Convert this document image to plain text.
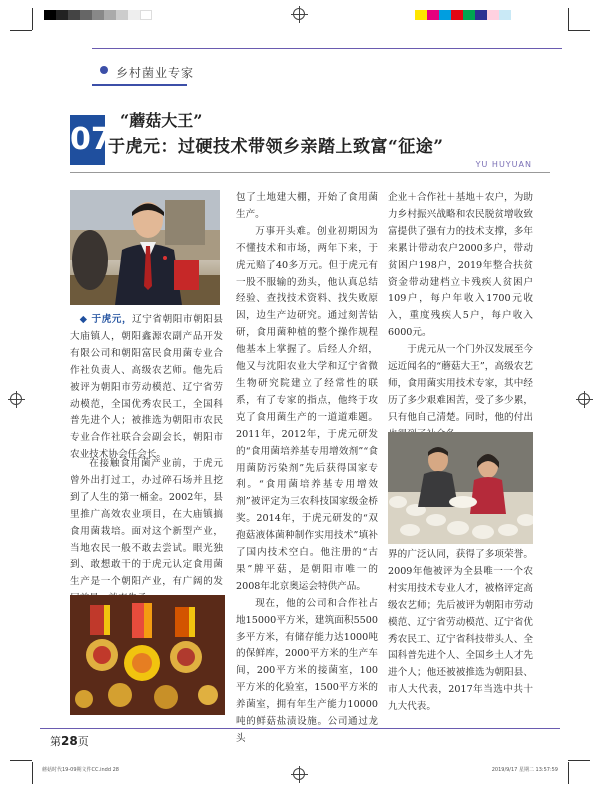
乡村菌业专家
07
“蘑菇大王”
于虎元：过硬技术带领乡亲踏上致富“征途”
YU HUYUAN

◆ 于虎元，辽宁省朝阳市朝阳县大庙镇人，朝阳鑫源农副产品开发有限公司和朝阳富民食用菌专业合作社负责人、高级农艺师。他先后被评为朝阳市劳动模范、辽宁省劳动模范，全国优秀农民工，全国科普先进个人；被推选为朝阳市农民专业合作社联合会副会长，朝阳市农业技术协会任会长。

在接触食用菌产业前，于虎元曾外出打过工，办过碎石场并且挖到了人生的第一桶金。2002年，县里推广高效农业项目，在大庙镇搞食用菌栽培。面对这个新型产业，当地农民一般不敢去尝试。眼光独到、敢想敢干的于虎元认定食用菌生产是一个朝阳产业，有广阔的发

包了土地建大棚，开始了食用菌生产。

万事开头难。创业初期因为不懂技术和市场，两年下来，于虎元赔了40多万元。但于虎元有一股不服输的劲头，他认真总结经验、查找技术资料、找失败原因，边生产边研究。通过刻苦钻研，食用菌种植的整个操作规程他基本上掌握了。后经人介绍，他又与沈阳农业大学和辽宁省微生物研究院建立了经常性的联系，有了专家的指点，他终于攻克了食用菌生产的一道道难题。2011年，2012年，于虎元研发的“食用菌培养基专用增效剂”“食用菌防污染剂”先后获得国家专利。“食用菌培养基专用增效剂”被评定为三农科技国家级金桥奖。2014年，于虎元研发的“双孢菇液体菌种制作实用技术”填补了国内技术空白。他注册的“古果”牌平菇，是朝阳市唯一的2008年北京奥运会特供产品。

现在，他的公司和合作社占地15000平方米，建筑面积5500多平方米，有储存能力达1000吨的保鲜库，2000平方米的生产车间，200平方米的接菌室，100平方米的化验室，1500平方米的养菌室，拥有年生产能力10000吨的鲜菇盐渍设施。公司通过龙头

企业＋合作社＋基地＋农户，为助力乡村振兴战略和农民脱贫增收致富提供了强有力的技术支撑，多年来累计带动农户2000多户，带动贫困户198户，2019年整合扶贫资金带动建档立卡残疾人贫困户109户，每户年收入1700元收入，重度残疾人5户，每户收入6000元。

于虎元从一个门外汉发展至今远近闻名的“蘑菇大王”，高级农艺师，食用菌实用技术专家，其中经历了多少艰难困苦，受了多少累，只有他自己清楚。同时，他的付出

界的广泛认同，获得了多项荣誉。2009年他被评为全县唯一一个农村实用技术专业人才，被格评定高级农艺师；先后被评为朝阳市劳动模范、辽宁省劳动模范、辽宁省优秀农民工、辽宁省科技带头人、全国科普先进个人、全国乡土人才先进个人；他还被被推选为朝阳县、市人大代表，2017年当选中共十九大代表。

第28页
蘑菇时代19-09期文件CC.indd 28	2019/9/17 星期二 13:57:59
